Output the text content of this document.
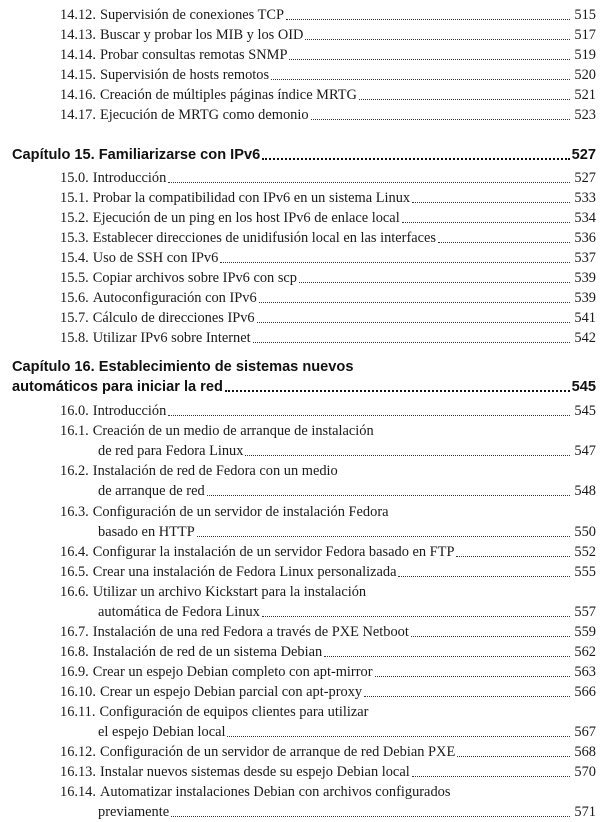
14.12. Supervisión de conexiones TCP	515
14.13. Buscar y probar los MIB y los OID	517
14.14. Probar consultas remotas SNMP	519
14.15. Supervisión de hosts remotos	520
14.16. Creación de múltiples páginas índice MRTG	521
14.17. Ejecución de MRTG como demonio	523
Capítulo 15. Familiarizarse con IPv6	527
15.0. Introducción	527
15.1. Probar la compatibilidad con IPv6 en un sistema Linux	533
15.2. Ejecución de un ping en los host IPv6 de enlace local	534
15.3. Establecer direcciones de unidifusión local en las interfaces	536
15.4. Uso de SSH con IPv6	537
15.5. Copiar archivos sobre IPv6 con scp	539
15.6. Autoconfiguración con IPv6	539
15.7. Cálculo de direcciones IPv6	541
15.8. Utilizar IPv6 sobre Internet	542
Capítulo 16. Establecimiento de sistemas nuevos
automáticos para iniciar la red	545
16.0. Introducción	545
16.1. Creación de un medio de arranque de instalación
de red para Fedora Linux	547
16.2. Instalación de red de Fedora con un medio
de arranque de red	548
16.3. Configuración de un servidor de instalación Fedora
basado en HTTP	550
16.4. Configurar la instalación de un servidor Fedora basado en FTP	552
16.5. Crear una instalación de Fedora Linux personalizada	555
16.6. Utilizar un archivo Kickstart para la instalación
automática de Fedora Linux	557
16.7. Instalación de una red Fedora a través de PXE Netboot	559
16.8. Instalación de red de un sistema Debian	562
16.9. Crear un espejo Debian completo con apt-mirror	563
16.10. Crear un espejo Debian parcial con apt-proxy	566
16.11. Configuración de equipos clientes para utilizar
el espejo Debian local	567
16.12. Configuración de un servidor de arranque de red Debian PXE	568
16.13. Instalar nuevos sistemas desde su espejo Debian local	570
16.14. Automatizar instalaciones Debian con archivos configurados
previamente	571
